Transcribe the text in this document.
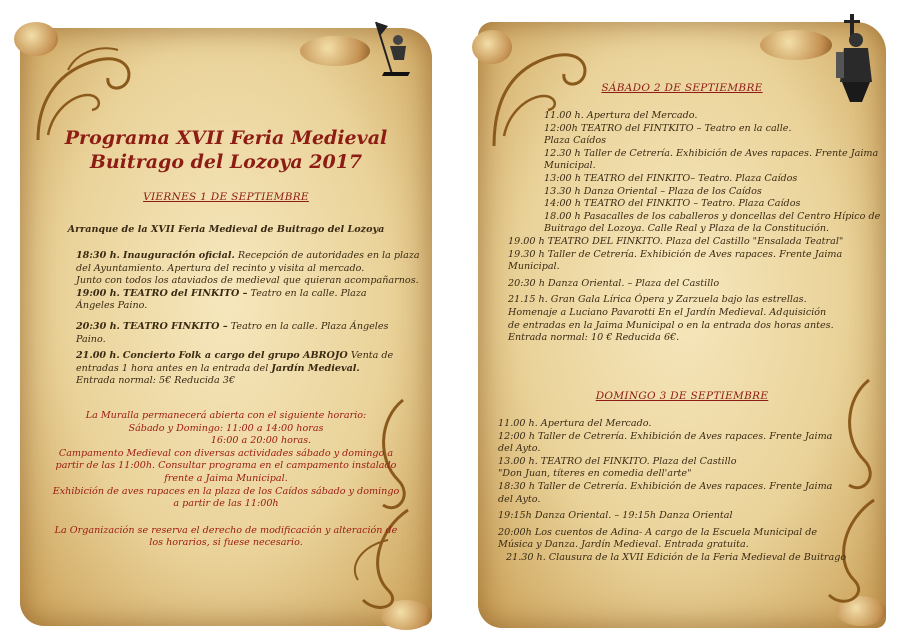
Programa XVII Feria Medieval
Buitrago del Lozoya 2017
VIERNES 1 DE SEPTIEMBRE
Arranque de la XVII Feria Medieval de Buitrago del Lozoya
18:30 h. Inauguración oficial. Recepción de autoridades en la plaza
del Ayuntamiento. Apertura del recinto y visita al mercado.
Junto con todos los ataviados de medieval que quieran acompañarnos.
19:00 h. TEATRO del FINKITO – Teatro en la calle. Plaza
Ángeles Paino.
20:30 h. TEATRO FINKITO – Teatro en la calle. Plaza Ángeles
Paino.
21.00 h. Concierto Folk a cargo del grupo ABROJO Venta de
entradas 1 hora antes en la entrada del Jardín Medieval.
Entrada normal: 5€ Reducida 3€
La Muralla permanecerá abierta con el siguiente horario:
Sábado y Domingo: 11:00 a 14:00 horas
16:00 a 20:00 horas.
Campamento Medieval con diversas actividades sábado y domingo a
partir de las 11:00h. Consultar programa en el campamento instalado
frente a Jaima Municipal.
Exhibición de aves rapaces en la plaza de los Caídos sábado y domingo
a partir de las 11:00h
La Organización se reserva el derecho de modificación y alteración de
los horarios, si fuese necesario.
SÁBADO 2 DE SEPTIEMBRE
11.00 h. Apertura del Mercado.
12:00h TEATRO del FINTKITO – Teatro en la calle.
Plaza Caídos
12.30 h Taller de Cetrería. Exhibición de Aves rapaces. Frente Jaima
Municipal.
13:00 h TEATRO del FINKITO– Teatro. Plaza Caídos
13.30 h Danza Oriental – Plaza de los Caídos
14:00 h TEATRO del FINKITO – Teatro. Plaza Caídos
18.00 h Pasacalles de los caballeros y doncellas del Centro Hípico de
Buitrago del Lozoya. Calle Real y Plaza de la Constitución.
19.00 h TEATRO DEL FINKITO. Plaza del Castillo "Ensalada Teatral"
19.30 h Taller de Cetrería. Exhibición de Aves rapaces. Frente Jaima
Municipal.
20:30 h Danza Oriental. – Plaza del Castillo
21.15 h. Gran Gala Lírica Ópera y Zarzuela bajo las estrellas.
Homenaje a Luciano Pavarotti En el Jardín Medieval. Adquisición
de entradas en la Jaima Municipal o en la entrada dos horas antes.
Entrada normal: 10 € Reducida 6€.
DOMINGO 3 DE SEPTIEMBRE
11.00 h. Apertura del Mercado.
12:00 h Taller de Cetrería. Exhibición de Aves rapaces. Frente Jaima
del Ayto.
13.00 h. TEATRO del FINKITO. Plaza del Castillo
"Don Juan, títeres en comedia dell'arte"
18:30 h Taller de Cetrería. Exhibición de Aves rapaces. Frente Jaima
del Ayto.
19:15h Danza Oriental. – 19:15h Danza Oriental
20:00h Los cuentos de Adina- A cargo de la Escuela Municipal de
Música y Danza. Jardín Medieval. Entrada gratuita.
21.30 h. Clausura de la XVII Edición de la Feria Medieval de Buitrago
